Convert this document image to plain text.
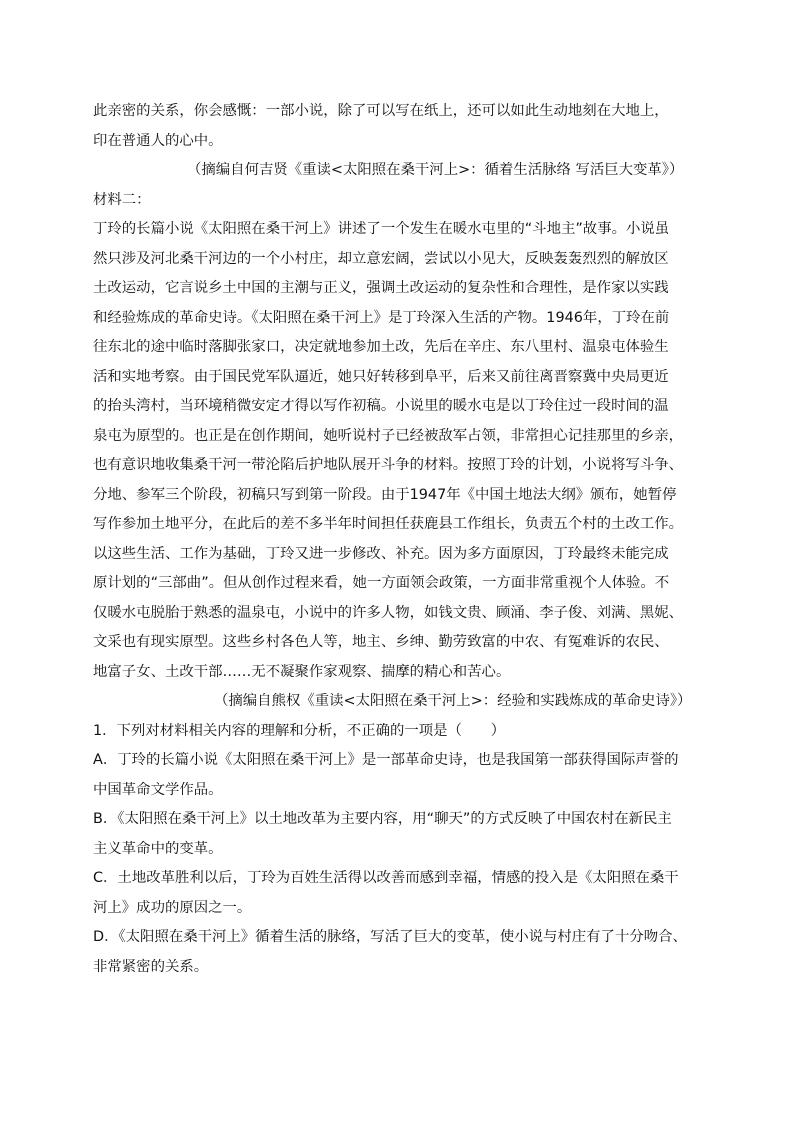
此亲密的关系，你会感慨：一部小说，除了可以写在纸上，还可以如此生动地刻在大地上，
印在普通人的心中。
（摘编自何吉贤《重读<太阳照在桑干河上>：循着生活脉络 写活巨大变革》）
材料二：
丁玲的长篇小说《太阳照在桑干河上》讲述了一个发生在暖水屯里的“斗地主”故事。小说虽
然只涉及河北桑干河边的一个小村庄，却立意宏阔，尝试以小见大，反映轰轰烈烈的解放区
土改运动，它言说乡土中国的主潮与正义，强调土改运动的复杂性和合理性，是作家以实践
和经验炼成的革命史诗。《太阳照在桑干河上》是丁玲深入生活的产物。1946年，丁玲在前
往东北的途中临时落脚张家口，决定就地参加土改，先后在辛庄、东八里村、温泉屯体验生
活和实地考察。由于国民党军队逼近，她只好转移到阜平，后来又前往离晋察冀中央局更近
的抬头湾村，当环境稍微安定才得以写作初稿。小说里的暖水屯是以丁玲住过一段时间的温
泉屯为原型的。也正是在创作期间，她听说村子已经被敌军占领，非常担心记挂那里的乡亲，
也有意识地收集桑干河一带沦陷后护地队展开斗争的材料。按照丁玲的计划，小说将写斗争、
分地、参军三个阶段，初稿只写到第一阶段。由于1947年《中国土地法大纲》颁布，她暂停
写作参加土地平分，在此后的差不多半年时间担任获鹿县工作组长，负责五个村的土改工作。
以这些生活、工作为基础，丁玲又进一步修改、补充。因为多方面原因，丁玲最终未能完成
原计划的“三部曲”。但从创作过程来看，她一方面领会政策，一方面非常重视个人体验。不
仅暖水屯脱胎于熟悉的温泉屯，小说中的许多人物，如钱文贵、顾涌、李子俊、刘满、黑妮、
文采也有现实原型。这些乡村各色人等，地主、乡绅、勤劳致富的中农、有冤难诉的农民、
地富子女、土改干部……无不凝聚作家观察、揣摩的精心和苦心。
（摘编自熊权《重读<太阳照在桑干河上>：经验和实践炼成的革命史诗》）
1．下列对材料相关内容的理解和分析，不正确的一项是（　　）
A．丁玲的长篇小说《太阳照在桑干河上》是一部革命史诗，也是我国第一部获得国际声誉的
中国革命文学作品。
B．《太阳照在桑干河上》以土地改革为主要内容，用“聊天”的方式反映了中国农村在新民主
主义革命中的变革。
C．土地改革胜利以后，丁玲为百姓生活得以改善而感到幸福，情感的投入是《太阳照在桑干
河上》成功的原因之一。
D．《太阳照在桑干河上》循着生活的脉络，写活了巨大的变革，使小说与村庄有了十分吻合、
非常紧密的关系。
